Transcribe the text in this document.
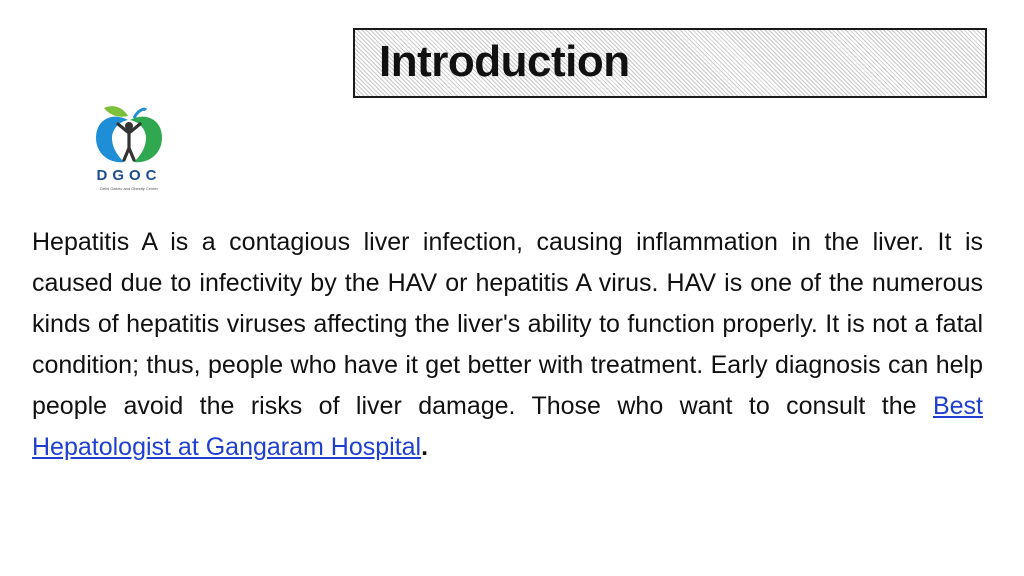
Introduction
DGOC
Delhi Gastro and Obesity Center

Hepatitis A is a contagious liver infection, causing inflammation in the liver. It is caused due to infectivity by the HAV or hepatitis A virus. HAV is one of the numerous kinds of hepatitis viruses affecting the liver's ability to function properly. It is not a fatal condition; thus, people who have it get better with treatment. Early diagnosis can help people avoid the risks of liver damage. Those who want to consult the Best Hepatologist at Gangaram Hospital.
